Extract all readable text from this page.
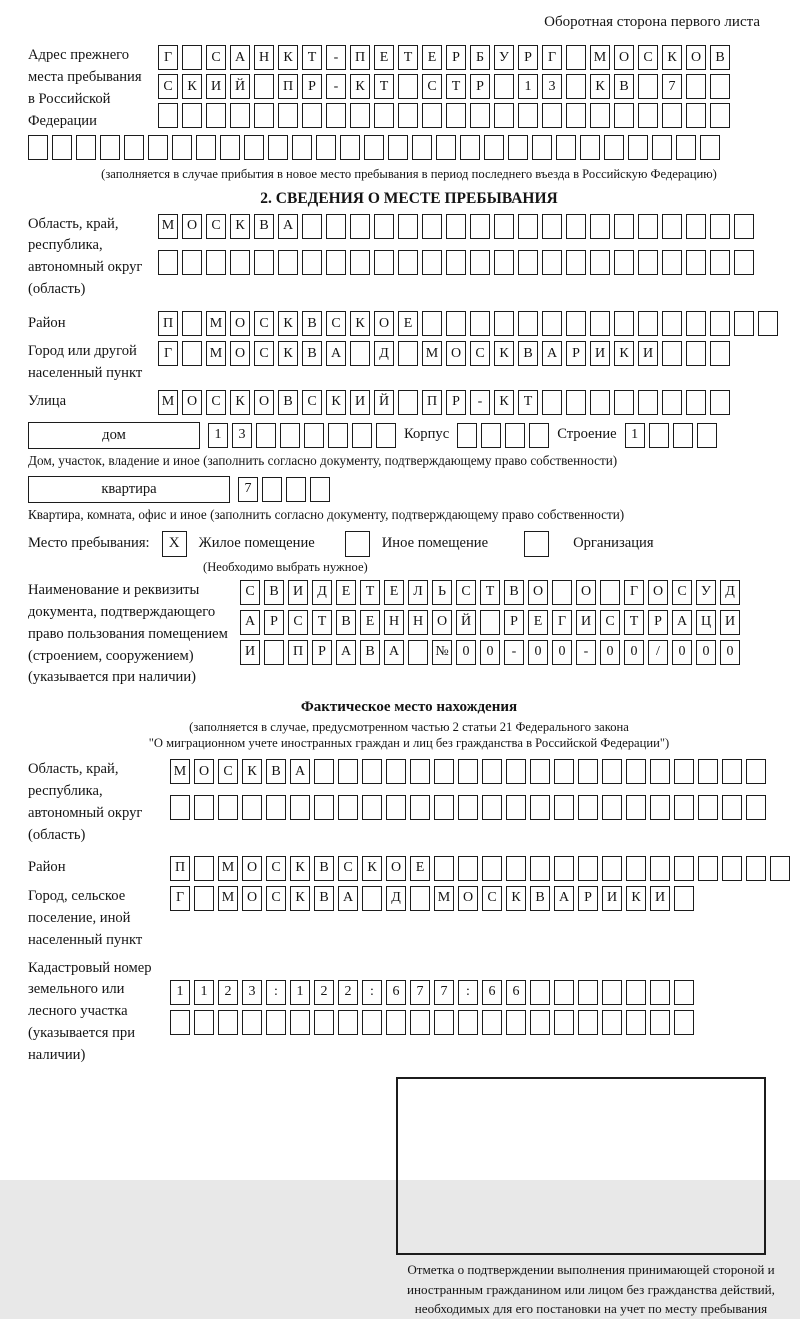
Оборотная сторона первого листа
Адрес прежнего места пребывания в Российской Федерации
Г	С	А Н	К	Т	-	П	Е	Т	Е	Р	Б	У	Р	Г	М О	С	К	О	В
С	К	И Й	П	Р	-	К	Т	С	Т	Р	1	3	К	В	7
(заполняется в случае прибытия в новое место пребывания в период последнего въезда в Российскую Федерацию)
2. СВЕДЕНИЯ О МЕСТЕ ПРЕБЫВАНИЯ
Область, край, республика, автономный округ (область)
М О	С	К	В	А
Район	П	М О	С	К	В	С	К	О	Е
Город или другой населенный пункт
Г	М О	С	К	В	А	Д	М О	С	К	В	А	Р	И	К	И
Улица	М О	С	К	О	В	С	К	И Й	П	Р	-	К	Т
дом	1	3	Корпус	Строение	1
Дом, участок, владение и иное (заполнить согласно документу, подтверждающему право собственности)
квартира	7
Квартира, комната, офис и иное (заполнить согласно документу, подтверждающему право собственности)
Место пребывания:	X	Жилое помещение	Иное помещение	Организация
(Необходимо выбрать нужное)
Наименование и реквизиты документа, подтверждающего право пользования помещением (строением, сооружением) (указывается при наличии)
С	В	И	Д	Е	Т	Е	Л	Ь	С	Т	В	О	О	Г	О	С	У	Д
А	Р	С	Т	В	Е	Н Н О Й	Р	Е	Г	И	С	Т	Р	А Ц И
И	П	Р	А	В	А	№ 0	0	-	0	0	-	0	0	/	0	0	0
Фактическое место нахождения
(заполняется в случае, предусмотренном частью 2 статьи 21 Федерального закона
"О миграционном учете иностранных граждан и лиц без гражданства в Российской Федерации")
Область, край, республика, автономный округ (область)
М О	С	К	В	А
Район	П	М О	С	К	В	С	К	О	Е
Город, сельское поселение, иной населенный пункт
Г	М О	С	К	В	А	Д	М О	С	К	В	А	Р	И	К	И
Кадастровый номер земельного или лесного участка (указывается при наличии)
1	1	2	3	:	1	2	2	:	6	7	7	:	6	6
Отметка о подтверждении выполнения принимающей стороной и иностранным гражданином или лицом без гражданства действий, необходимых для его постановки на учет по месту пребывания
